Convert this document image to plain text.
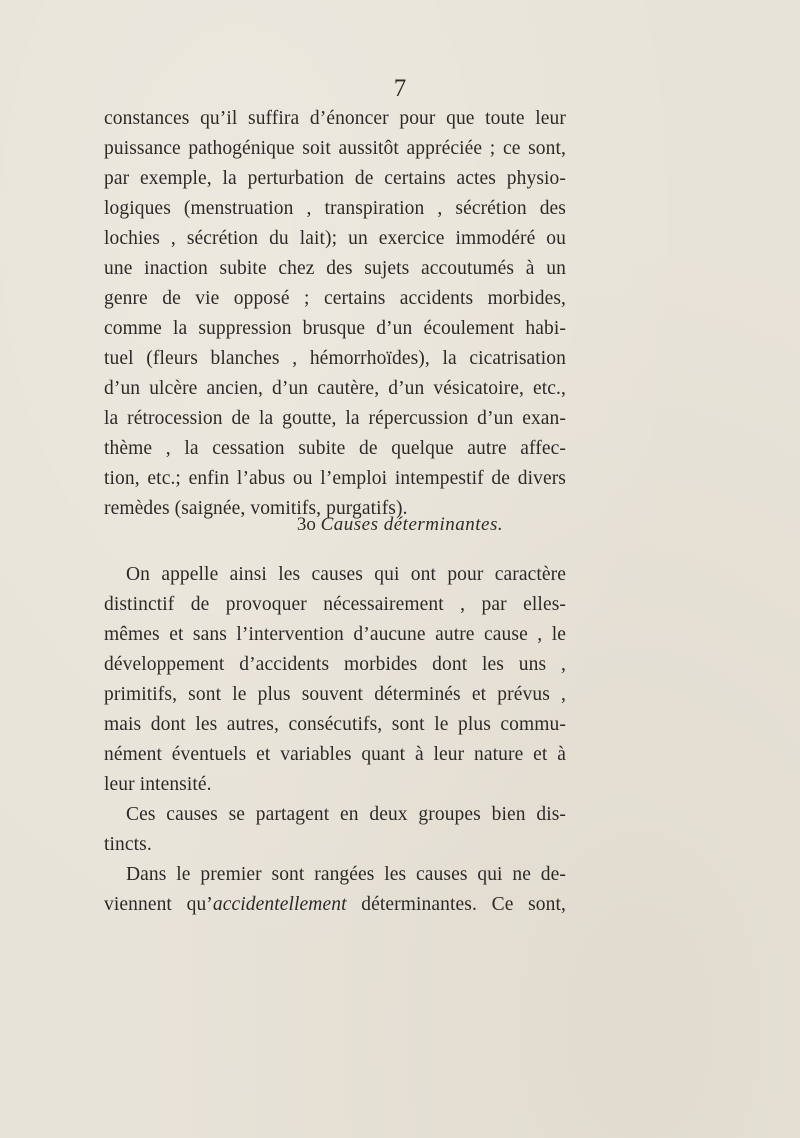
7
constances qu’il suffira d’énoncer pour que toute leur
puissance pathogénique soit aussitôt appréciée ; ce sont,
par exemple, la perturbation de certains actes physio-
logiques (menstruation , transpiration , sécrétion des
lochies , sécrétion du lait); un exercice immodéré ou
une inaction subite chez des sujets accoutumés à un
genre de vie opposé ; certains accidents morbides,
comme la suppression brusque d’un écoulement habi-
tuel (fleurs blanches , hémorrhoïdes), la cicatrisation
d’un ulcère ancien, d’un cautère, d’un vésicatoire, etc.,
la rétrocession de la goutte, la répercussion d’un exan-
thème , la cessation subite de quelque autre affec-
tion, etc.; enfin l’abus ou l’emploi intempestif de divers
remèdes (saignée, vomitifs, purgatifs).
3o Causes déterminantes.
On appelle ainsi les causes qui ont pour caractère
distinctif de provoquer nécessairement , par elles-
mêmes et sans l’intervention d’aucune autre cause , le
développement d’accidents morbides dont les uns ,
primitifs, sont le plus souvent déterminés et prévus ,
mais dont les autres, consécutifs, sont le plus commu-
nément éventuels et variables quant à leur nature et à
leur intensité.
Ces causes se partagent en deux groupes bien dis-
tincts.
Dans le premier sont rangées les causes qui ne de-
viennent qu’accidentellement déterminantes. Ce sont,
